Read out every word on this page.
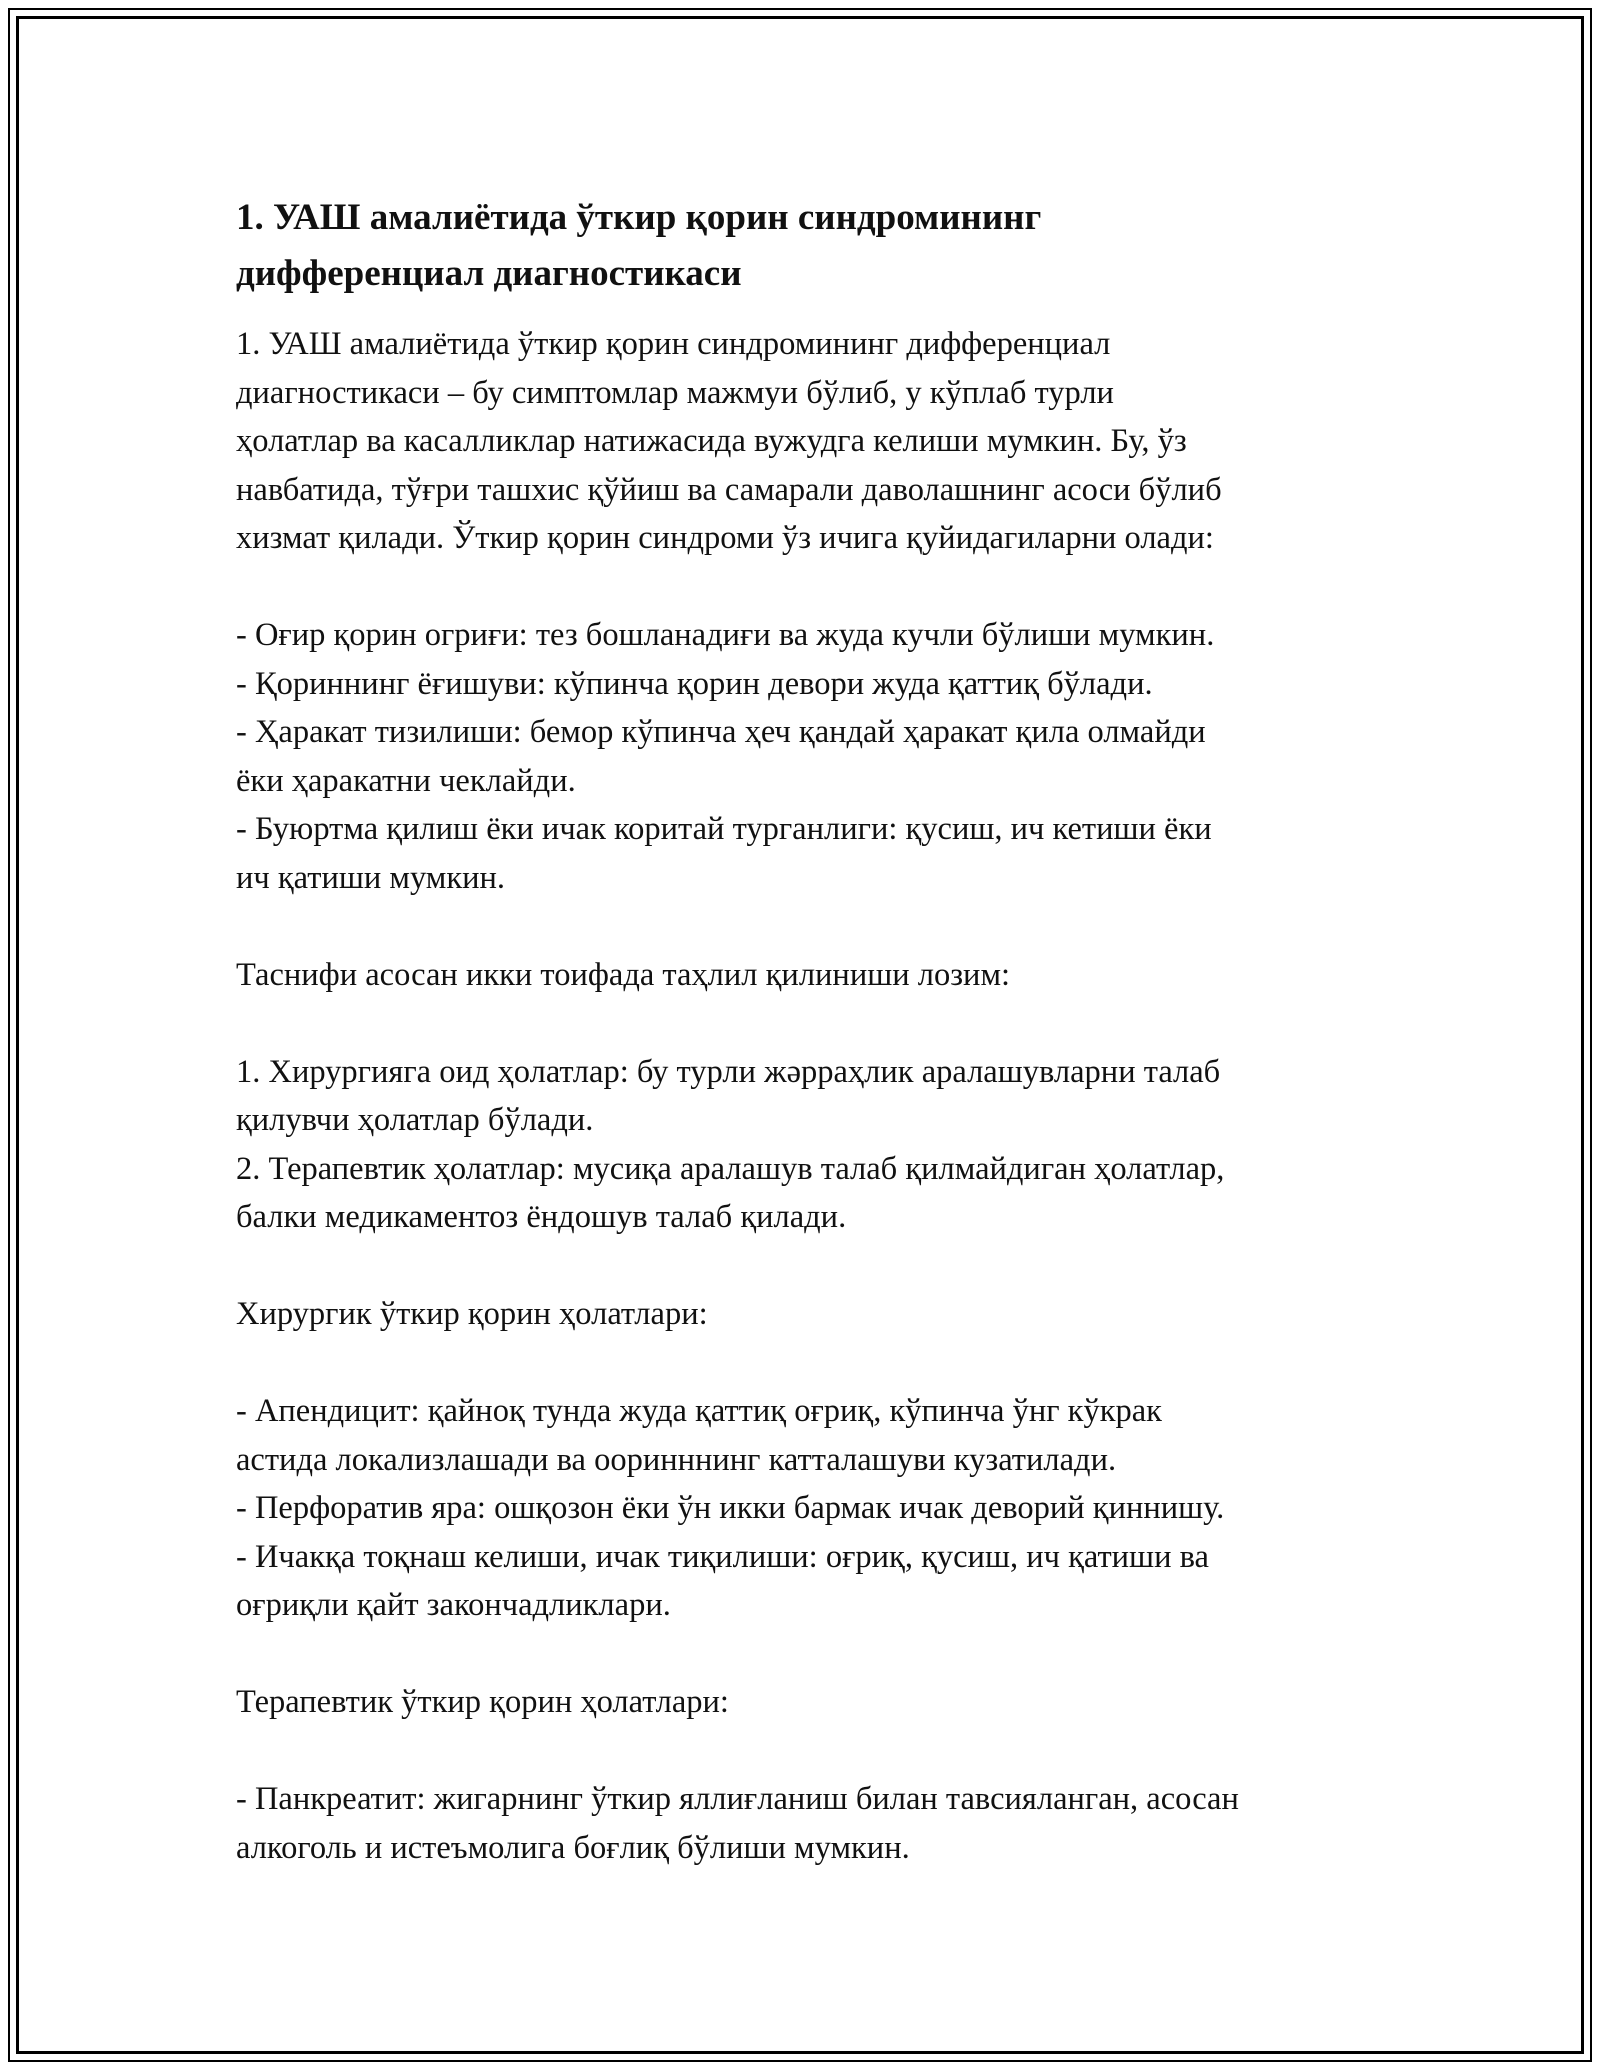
1. УАШ амалиётида ўткир қорин синдромининг
дифференциал диагностикаси
1. УАШ амалиётида ўткир қорин синдромининг дифференциал
диагностикаси – бу симптомлар мажмуи бўлиб, у кўплаб турли
ҳолатлар ва касалликлар натижасида вужудга келиши мумкин. Бу, ўз
навбатида, тўғри ташхис қўйиш ва самарали даволашнинг асоси бўлиб
хизмат қилади. Ўткир қорин синдроми ўз ичига қуйидагиларни олади:
- Оғир қорин огриғи: тез бошланадиғи ва жуда кучли бўлиши мумкин.
- Қориннинг ёғишуви: кўпинча қорин девори жуда қаттиқ бўлади.
- Ҳаракат тизилиши: бемор кўпинча ҳеч қандай ҳаракат қила олмайди
ёки ҳаракатни чеклайди.
- Буюртма қилиш ёки ичак коритай турганлиги: қусиш, ич кетиши ёки
ич қатиши мумкин.
Таснифи асосан икки тоифада таҳлил қилиниши лозим:
1. Хирургияга оид ҳолатлар: бу турли жәррaҳлик аралашувларни талаб
қилувчи ҳолатлар бўлади.
2. Терапевтик ҳолатлар: мусиқа аралашув талаб қилмайдиган ҳолатлар,
балки медикаментоз ёндошув талаб қилади.
Хирургик ўткир қорин ҳолатлари:
- Апендицит: қайноқ тунда жуда қаттиқ оғриқ, кўпинча ўнг кўкрак
астида локализлашади ва ооринннинг катталашуви кузатилади.
- Перфоратив яра: ошқозон ёки ўн икки бармак ичак деворий қиннишу.
- Ичакқа тоқнаш келиши, ичак тиқилиши: оғриқ, қусиш, ич қатиши ва
оғриқли қайт закончадликлари.
Терапевтик ўткир қорин ҳолатлари:
- Панкреатит: жигарнинг ўткир яллиғланиш билан тавсияланган, асосан
алкоголь и истеъмолига боғлиқ бўлиши мумкин.
